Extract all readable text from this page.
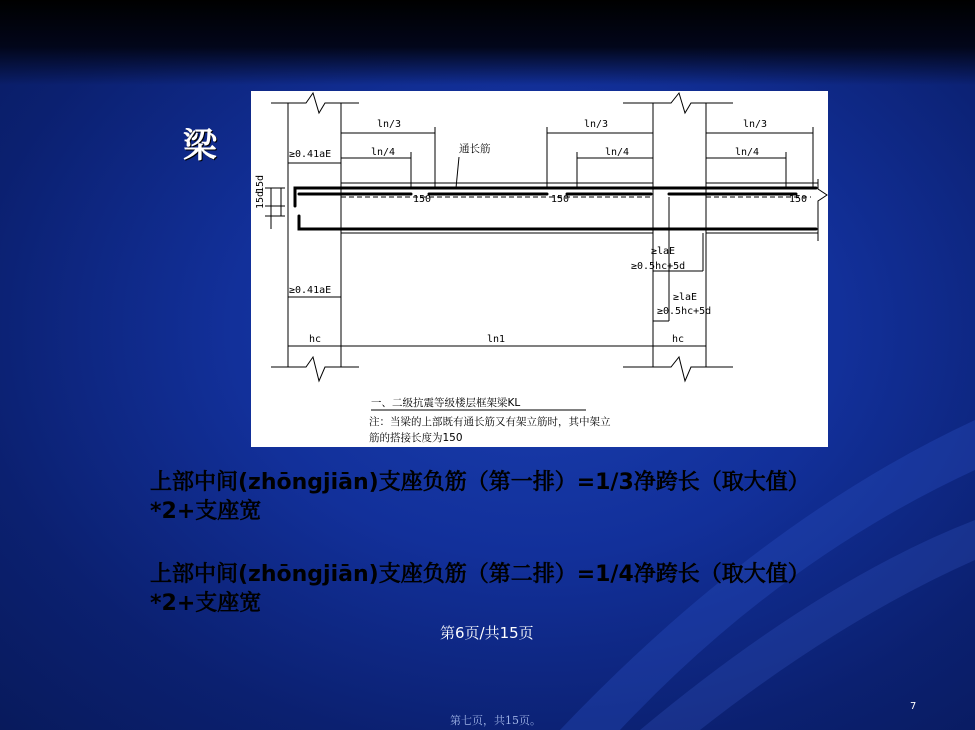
梁
ln/3	ln/3	ln/3
ln/4	ln/4	ln/4
≥0.41aE
≥0.41aE
150	150	150
≥laE
≥0.5hc+5d
≥laE
≥0.5hc+5d
hc	ln1	hc
15d
15d
通长筋
一、二级抗震等级楼层框架梁KL
注：当梁的上部既有通长筋又有架立筋时，其中架立
筋的搭接长度为150
上部中间(zhōngjiān)支座负筋（第一排）=1/3净跨长（取大值）*2+支座宽
上部中间(zhōngjiān)支座负筋（第二排）=1/4净跨长（取大值）*2+支座宽
第6页/共15页
7
第七页，共15页。
